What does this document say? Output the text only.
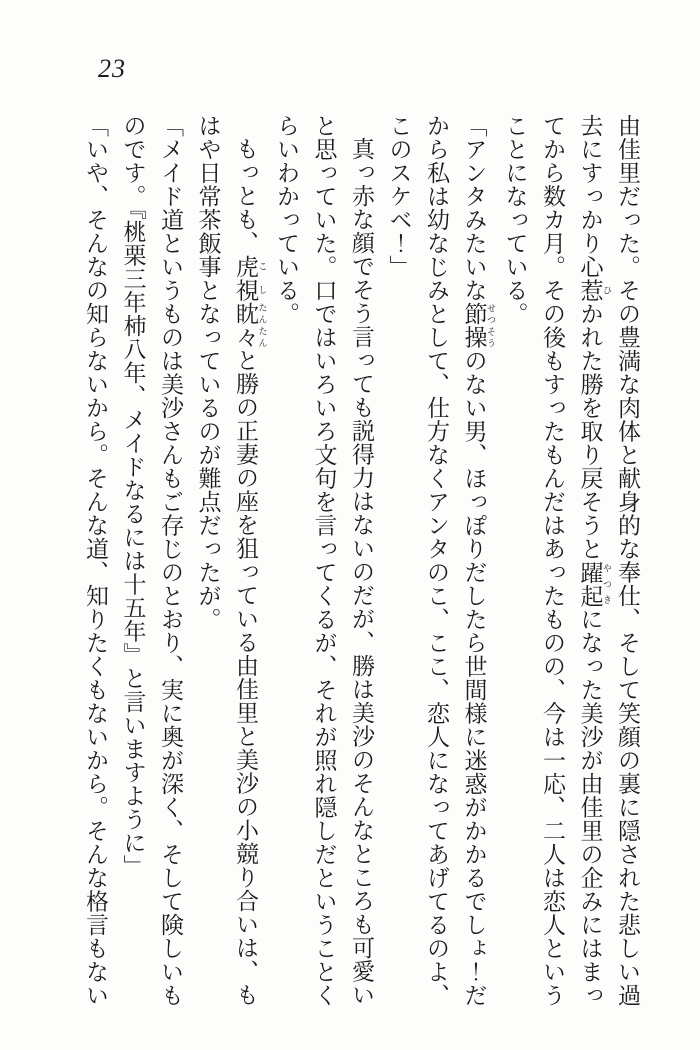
23

由佳里だった。その豊満な肉体と献身的な奉仕、そして笑顔の裏に隠された悲しい過去にすっかり心惹 ひかれた勝を取り戻そうと躍起 やつきになった美沙が由佳里の企みにはまってから数カ月。その後もすったもんだはあったものの、今は一応、二人は恋人ということになっている。

「アンタみたいな節操 せつそうのない男、ほっぽりだしたら世間様に迷惑がかかるでしょ！だから私は幼なじみとして、仕方なくアンタのこ、ここ、恋人になってあげてるのよ、このスケベ！」

真っ赤な顔でそう言っても説得力はないのだが、勝は美沙のそんなところも可愛いと思っていた。口ではいろいろ文句を言ってくるが、それが照れ隠しだということくらいわかっている。

もっとも、虎視 こし眈々 たんたんと勝の正妻の座を狙っている由佳里と美沙の小競り合いは、もはや日常茶飯事となっているのが難点だったが。

「メイド道というものは美沙さんもご存じのとおり、実に奥が深く、そして険しいものです。『桃栗三年柿八年、メイドなるには十五年』と言いますように」

「いや、そんなの知らないから。そんな道、知りたくもないから。そんな格言もない
